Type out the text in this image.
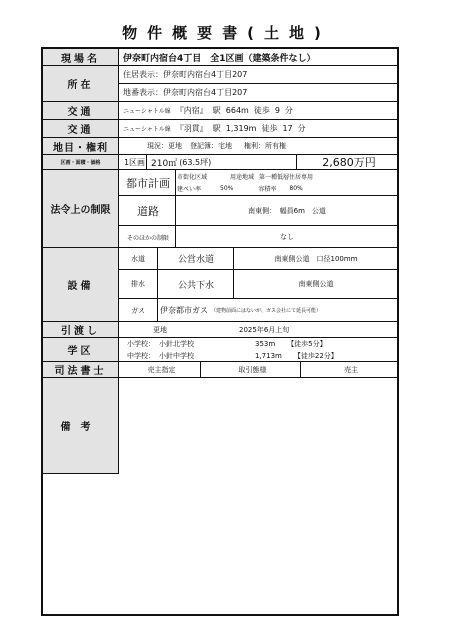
物件概要書(土地)
現場名	伊奈町内宿台4丁目　全1区画（建築条件なし）
所在
住居表示：伊奈町内宿台4丁目207
地番表示：伊奈町内宿台4丁目207
交通	ニューシャトル線 『内宿』 駅 664m 徒歩 9 分
交通	ニューシャトル線 『羽貫』 駅 1,319m 徒歩 17 分
地目・権利	現況： 更地 登記簿： 宅地 権利： 所有権
区画・面積・価格	1区画 210㎡ (63.5坪)	2,680万円
法令上の制限
都市計画	市街化区域	用途地域 第一種低層住居専用
建ぺい率	50%	容積率 80%
道路	南東側：　幅員6m　公道
そのほかの制限	なし
設備
水道	公営水道	南東側公道　口径100mm
排水	公共下水	南東側公道
ガス	伊奈都市ガス （建物前面にはないが、ガス会社にて延長可能）
引渡し	更地	2025年6月上旬
学区
小学校： 小針北学校	353m 【徒歩5分】
中学校： 小針中学校	1,713m 【徒歩22分】
司法書士	売主指定	取引態様	売主
備考
